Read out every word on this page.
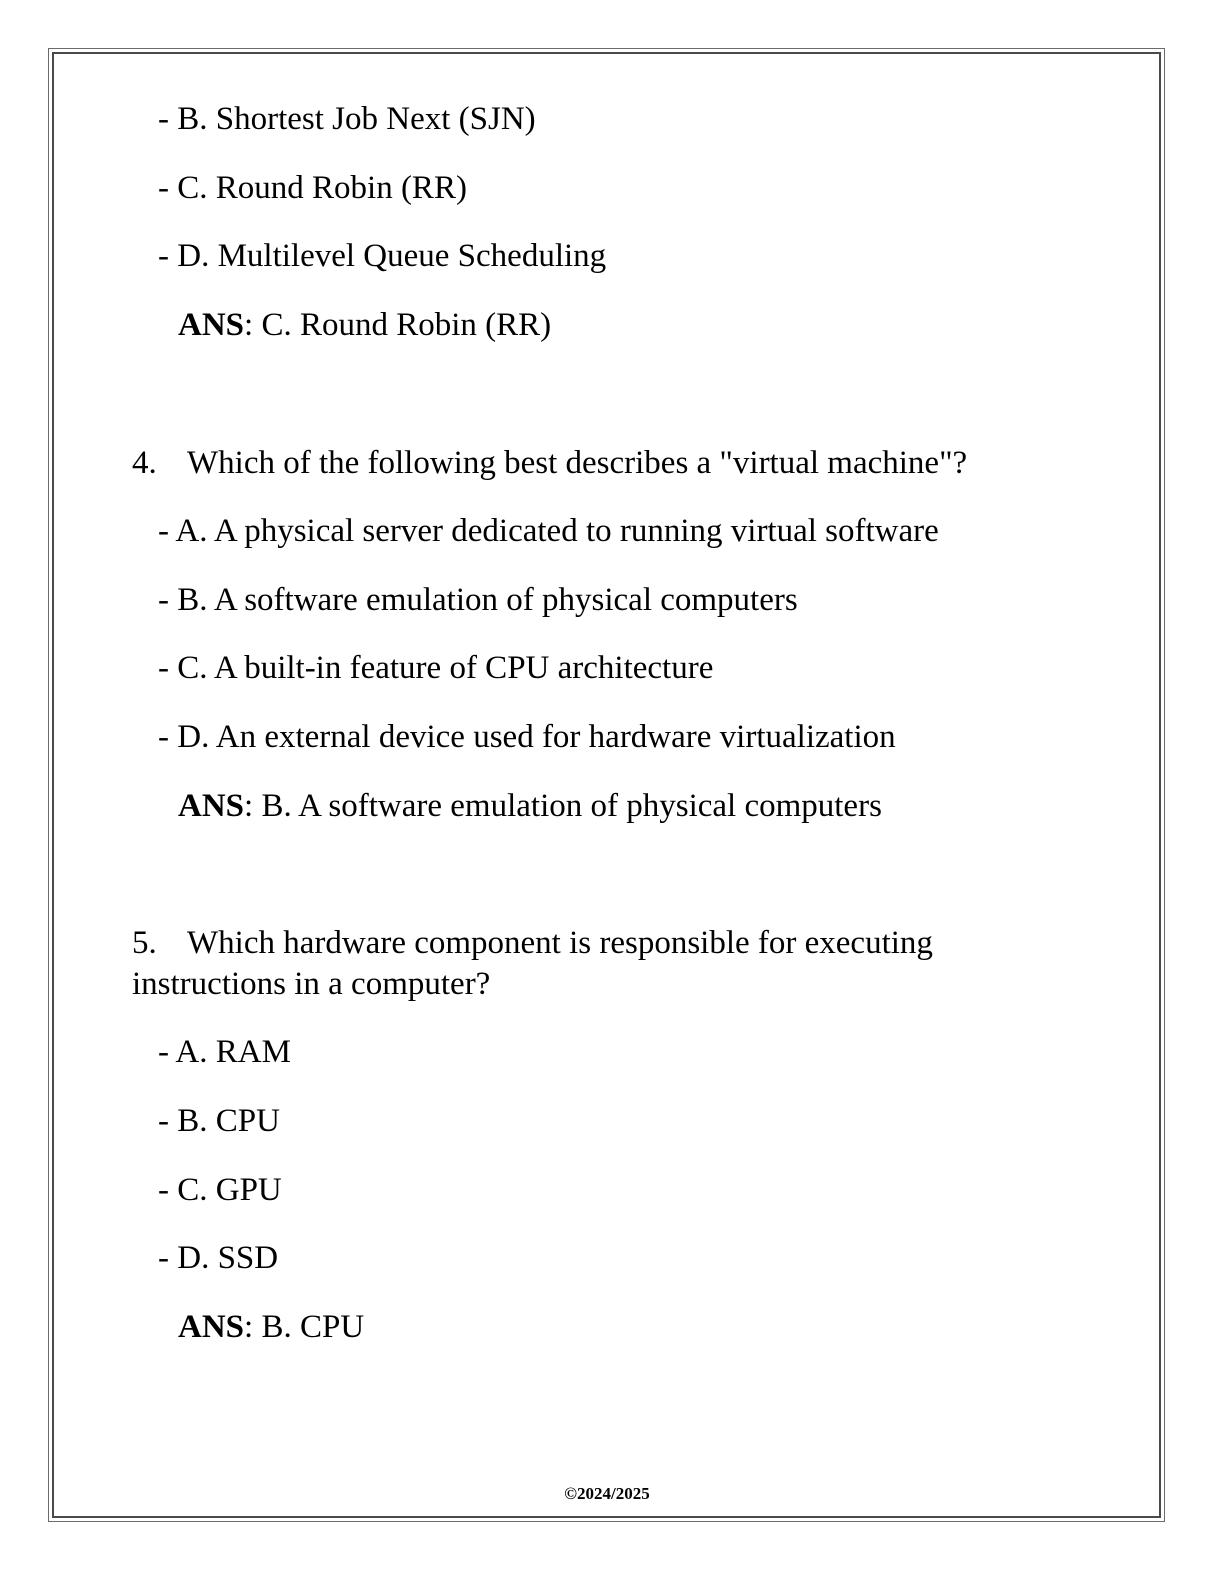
- B. Shortest Job Next (SJN)
- C. Round Robin (RR)
- D. Multilevel Queue Scheduling
ANS: C. Round Robin (RR)
4. Which of the following best describes a "virtual machine"?
- A. A physical server dedicated to running virtual software
- B. A software emulation of physical computers
- C. A built-in feature of CPU architecture
- D. An external device used for hardware virtualization
ANS: B. A software emulation of physical computers
5. Which hardware component is responsible for executing
instructions in a computer?
- A. RAM
- B. CPU
- C. GPU
- D. SSD
ANS: B. CPU
©2024/2025
